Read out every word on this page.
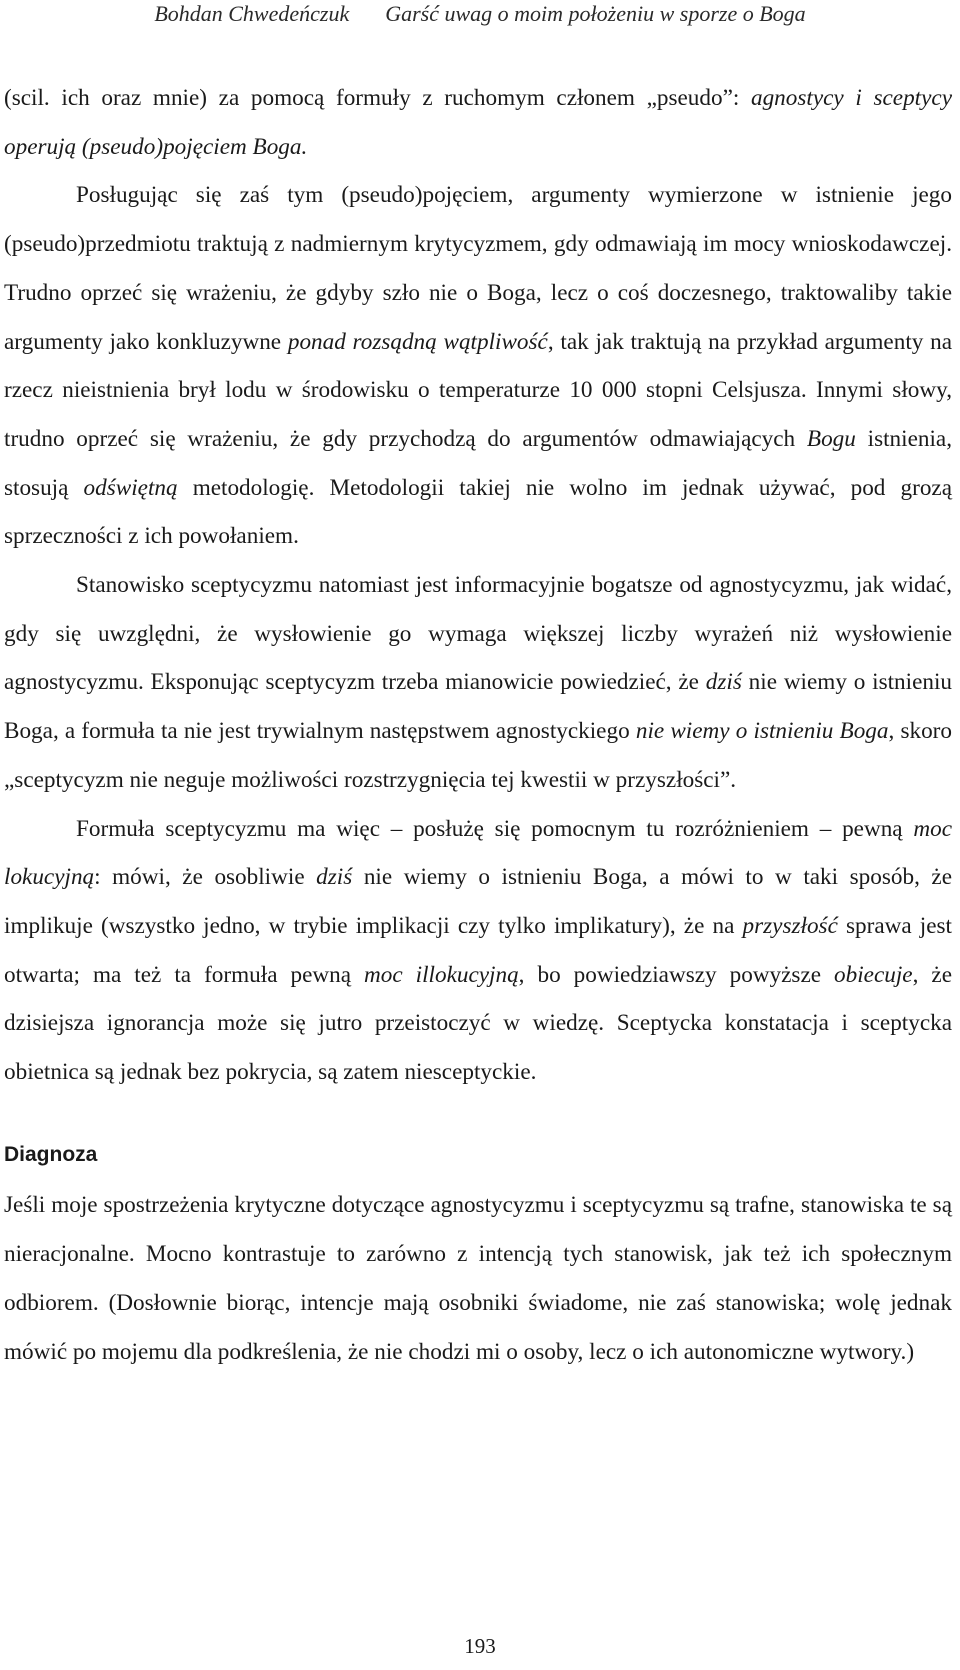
Bohdan Chwedeńczuk Garść uwag o moim położeniu w sporze o Boga

(scil. ich oraz mnie) za pomocą formuły z ruchomym członem „pseudo”: agnostycy i sceptycy operują (pseudo)pojęciem Boga.

Posługując się zaś tym (pseudo)pojęciem, argumenty wymierzone w istnienie jego (pseudo)przedmiotu traktują z nadmiernym krytycyzmem, gdy odmawiają im mocy wnioskodawczej. Trudno oprzeć się wrażeniu, że gdyby szło nie o Boga, lecz o coś doczesnego, traktowaliby takie argumenty jako konkluzywne ponad rozsądną wątpliwość, tak jak traktują na przykład argumenty na rzecz nieistnienia brył lodu w środowisku o temperaturze 10 000 stopni Celsjusza. Innymi słowy, trudno oprzeć się wrażeniu, że gdy przychodzą do argumentów odmawiających Bogu istnienia, stosują odświętną metodologię. Metodologii takiej nie wolno im jednak używać, pod grozą sprzeczności z ich powołaniem.

Stanowisko sceptycyzmu natomiast jest informacyjnie bogatsze od agnostycyzmu, jak widać, gdy się uwzględni, że wysłowienie go wymaga większej liczby wyrażeń niż wysłowienie agnostycyzmu. Eksponując sceptycyzm trzeba mianowicie powiedzieć, że dziś nie wiemy o istnieniu Boga, a formuła ta nie jest trywialnym następstwem agnostyckiego nie wiemy o istnieniu Boga, skoro „sceptycyzm nie neguje możliwości rozstrzygnięcia tej kwestii w przyszłości”.

Formuła sceptycyzmu ma więc – posłużę się pomocnym tu rozróżnieniem – pewną moc lokucyjną: mówi, że osobliwie dziś nie wiemy o istnieniu Boga, a mówi to w taki sposób, że implikuje (wszystko jedno, w trybie implikacji czy tylko implikatury), że na przyszłość sprawa jest otwarta; ma też ta formuła pewną moc illokucyjną, bo powiedziawszy powyższe obiecuje, że dzisiejsza ignorancja może się jutro przeistoczyć w wiedzę. Sceptycka konstatacja i sceptycka obietnica są jednak bez pokrycia, są zatem niesceptyckie.

Diagnoza

Jeśli moje spostrzeżenia krytyczne dotyczące agnostycyzmu i sceptycyzmu są trafne, stanowiska te są nieracjonalne. Mocno kontrastuje to zarówno z intencją tych stanowisk, jak też ich społecznym odbiorem. (Dosłownie biorąc, intencje mają osobniki świadome, nie zaś stanowiska; wolę jednak mówić po mojemu dla podkreślenia, że nie chodzi mi o osoby, lecz o ich autonomiczne wytwory.)

193
